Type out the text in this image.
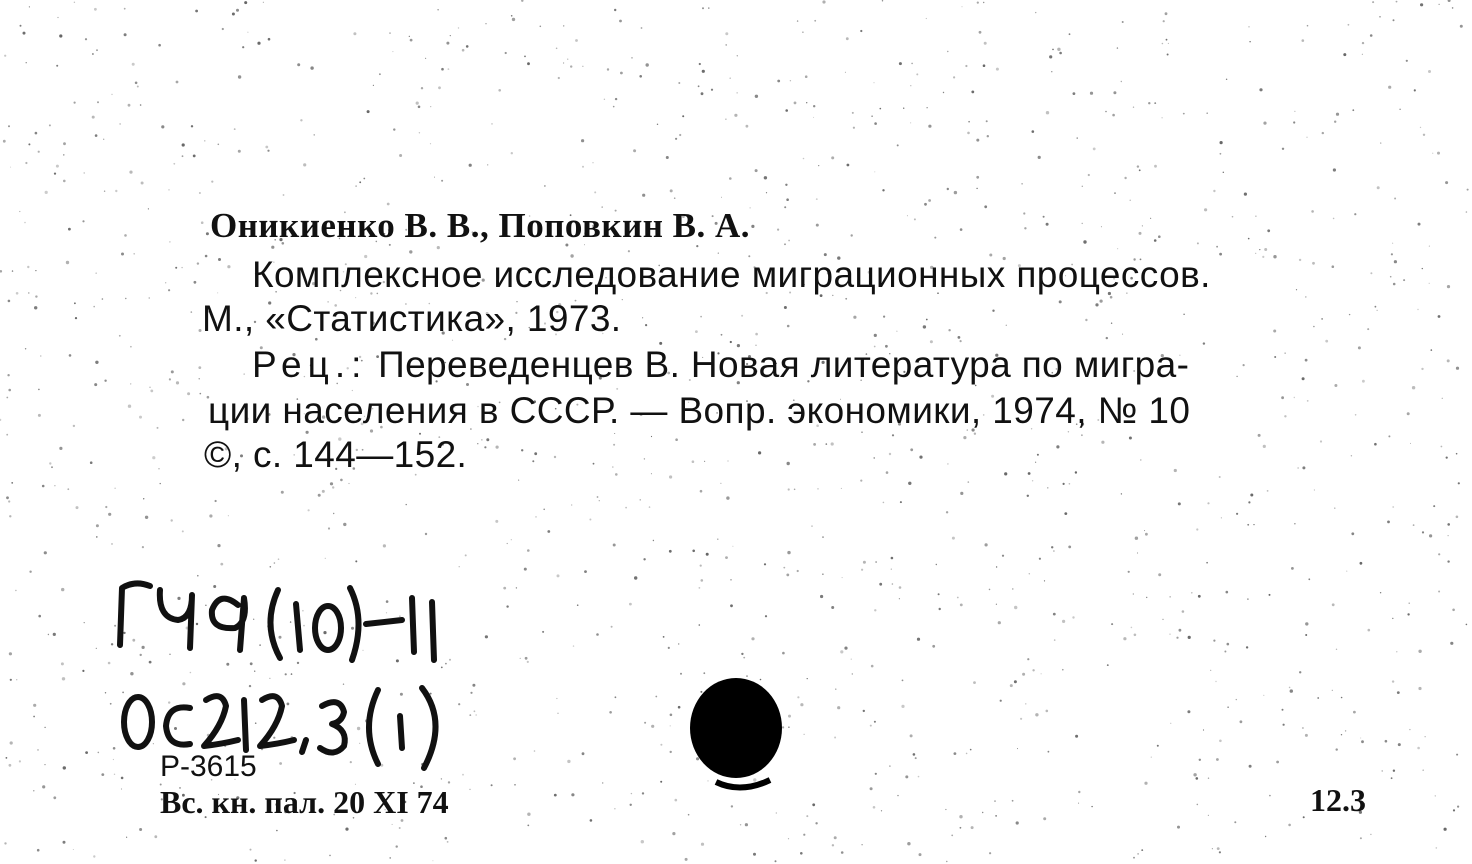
Оникиенко В. В., Поповкин В. А.
Комплексное исследование миграционных процессов.
М., «Статистика», 1973.
Рец.: Переведенцев В. Новая литература по мигра-
ции населения в СССР. — Вопр. экономики, 1974, № 10
©, с. 144—152.
Р-3615
Вс. кн. пал. 20 XI 74	12.3
